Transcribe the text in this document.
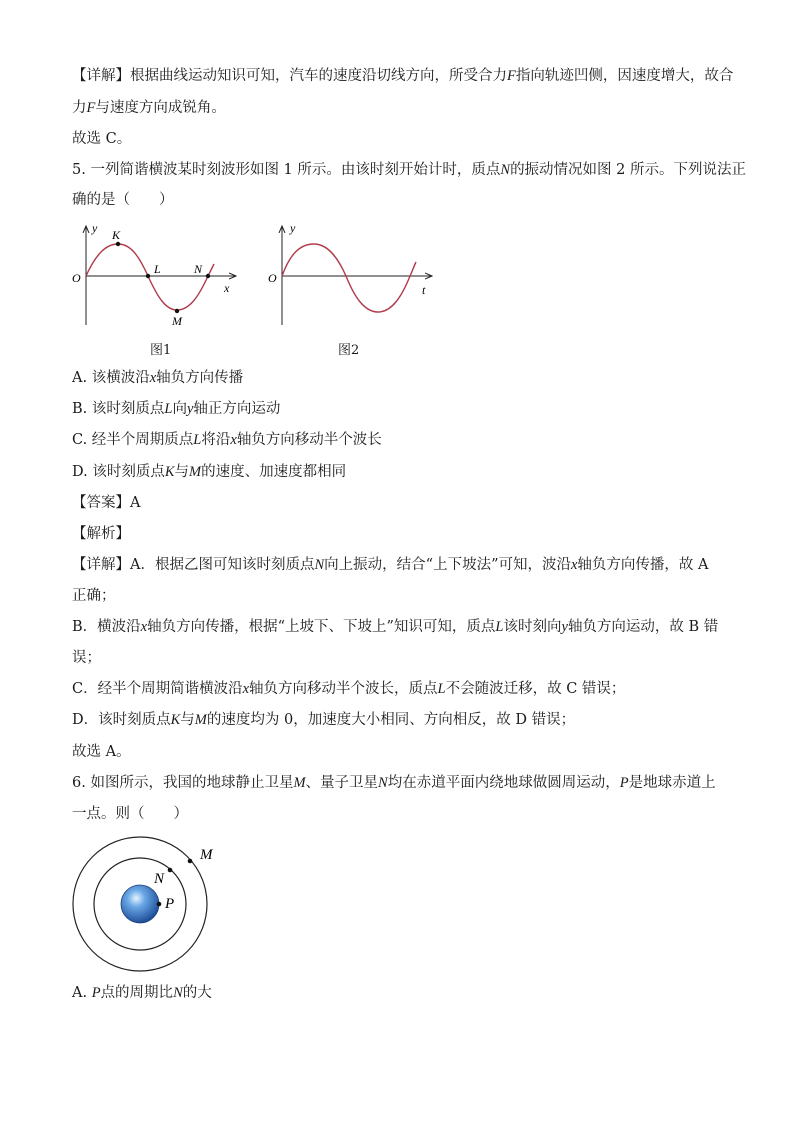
【详解】根据曲线运动知识可知，汽车的速度沿切线方向，所受合力F指向轨迹凹侧，因速度增大，故合
力F与速度方向成锐角。
故选 C。
5. 一列简谐横波某时刻波形如图 1 所示。由该时刻开始计时，质点N的振动情况如图 2 所示。下列说法正
确的是（　　）
y
O
K
L
M
N
x
图1
y
O
t
图2
A. 该横波沿x轴负方向传播
B. 该时刻质点L向y轴正方向运动
C. 经半个周期质点L将沿x轴负方向移动半个波长
D. 该时刻质点K与M的速度、加速度都相同
【答案】A
【解析】
【详解】A．根据乙图可知该时刻质点N向上振动，结合“上下坡法”可知，波沿x轴负方向传播，故 A
正确；
B．横波沿x轴负方向传播，根据“上坡下、下坡上”知识可知，质点L该时刻向y轴负方向运动，故 B 错
误；
C．经半个周期简谐横波沿x轴负方向移动半个波长，质点L不会随波迁移，故 C 错误；
D．该时刻质点K与M的速度均为 0，加速度大小相同、方向相反，故 D 错误；
故选 A。
6. 如图所示，我国的地球静止卫星M、量子卫星N均在赤道平面内绕地球做圆周运动，P是地球赤道上
一点。则（　　）
N
M
P
A. P点的周期比N的大
